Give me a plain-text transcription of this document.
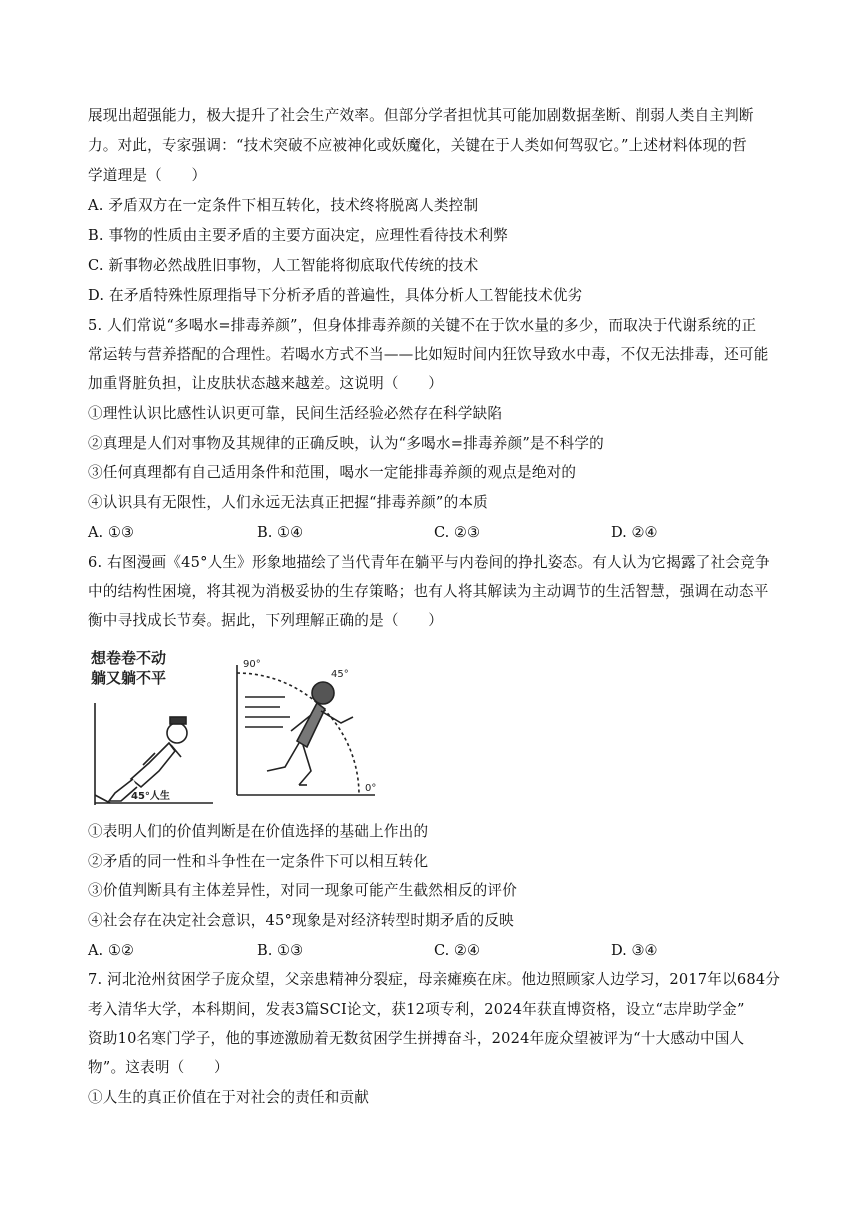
展现出超强能力，极大提升了社会生产效率。但部分学者担忧其可能加剧数据垄断、削弱人类自主判断
力。对此，专家强调：“技术突破不应被神化或妖魔化，关键在于人类如何驾驭它。”上述材料体现的哲
学道理是（　　）
A. 矛盾双方在一定条件下相互转化，技术终将脱离人类控制
B. 事物的性质由主要矛盾的主要方面决定，应理性看待技术利弊
C. 新事物必然战胜旧事物，人工智能将彻底取代传统的技术
D. 在矛盾特殊性原理指导下分析矛盾的普遍性，具体分析人工智能技术优劣
5. 人们常说“多喝水=排毒养颜”，但身体排毒养颜的关键不在于饮水量的多少，而取决于代谢系统的正
常运转与营养搭配的合理性。若喝水方式不当——比如短时间内狂饮导致水中毒，不仅无法排毒，还可能
加重肾脏负担，让皮肤状态越来越差。这说明（　　）
①理性认识比感性认识更可靠，民间生活经验必然存在科学缺陷
②真理是人们对事物及其规律的正确反映，认为“多喝水=排毒养颜”是不科学的
③任何真理都有自己适用条件和范围，喝水一定能排毒养颜的观点是绝对的
④认识具有无限性，人们永远无法真正把握“排毒养颜”的本质
A. ①③	B. ①④	C. ②③	D. ②④
6. 右图漫画《45°人生》形象地描绘了当代青年在躺平与内卷间的挣扎姿态。有人认为它揭露了社会竞争
中的结构性困境，将其视为消极妥协的生存策略；也有人将其解读为主动调节的生活智慧，强调在动态平
衡中寻找成长节奏。据此，下列理解正确的是（　　）
想卷卷不动
躺又躺不平
45°人生
90°
45°
0°
①表明人们的价值判断是在价值选择的基础上作出的
②矛盾的同一性和斗争性在一定条件下可以相互转化
③价值判断具有主体差异性，对同一现象可能产生截然相反的评价
④社会存在决定社会意识，45°现象是对经济转型时期矛盾的反映
A. ①②	B. ①③	C. ②④	D. ③④
7. 河北沧州贫困学子庞众望，父亲患精神分裂症，母亲瘫痪在床。他边照顾家人边学习，2017年以684分
考入清华大学，本科期间，发表3篇SCI论文，获12项专利，2024年获直博资格，设立“志岸助学金”
资助10名寒门学子，他的事迹激励着无数贫困学生拼搏奋斗，2024年庞众望被评为“十大感动中国人
物”。这表明（　　）
①人生的真正价值在于对社会的责任和贡献
